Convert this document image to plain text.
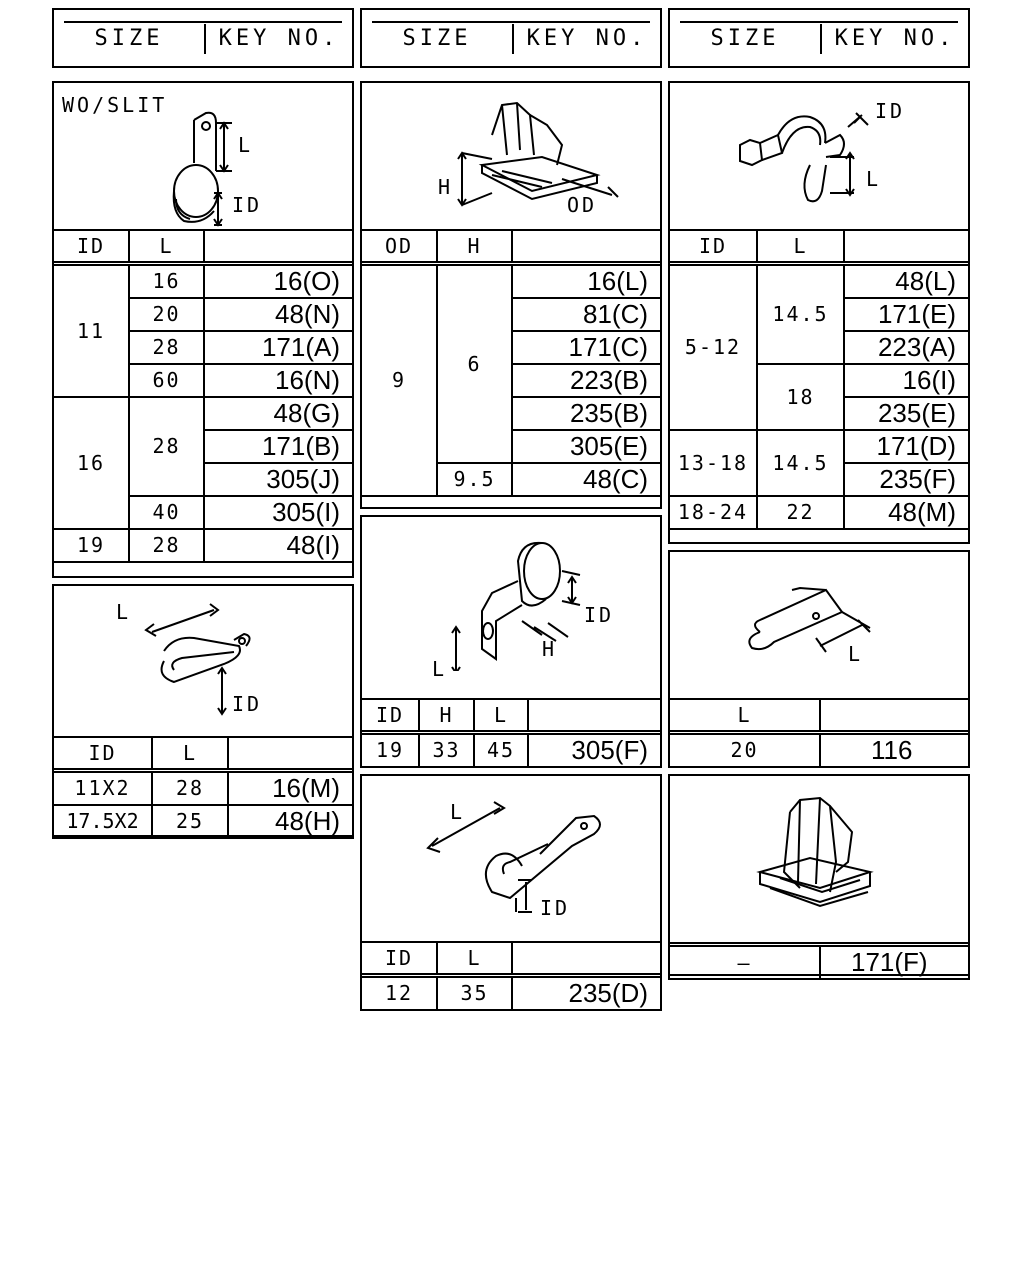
SIZE	KEY NO.	SIZE	KEY NO.	SIZE	KEY NO.
WO/SLIT
L
ID
ID	L	
11	16	16(O)
	20	48(N)
	28	171(A)
	60	16(N)
16	28	48(G)
		171(B)
		305(J)
	40	305(I)
19	28	48(I)
H
OD
OD	H	
9	6	16(L)
		81(C)
		171(C)
		223(B)
		235(B)
		305(E)
	9.5	48(C)
ID
L
ID	L	
5-12	14.5	48(L)
		171(E)
		223(A)
	18	16(I)
		235(E)
13-18	14.5	171(D)
		235(F)
18-24	22	48(M)
L
ID
ID	L	
11X2	28	16(M)
17.5X2	25	48(H)
ID
H
L
ID	H	L	
19	33	45	305(F)
L
L	
20	116
L
ID
ID	L	
12	35	235(D)
—	171(F)
